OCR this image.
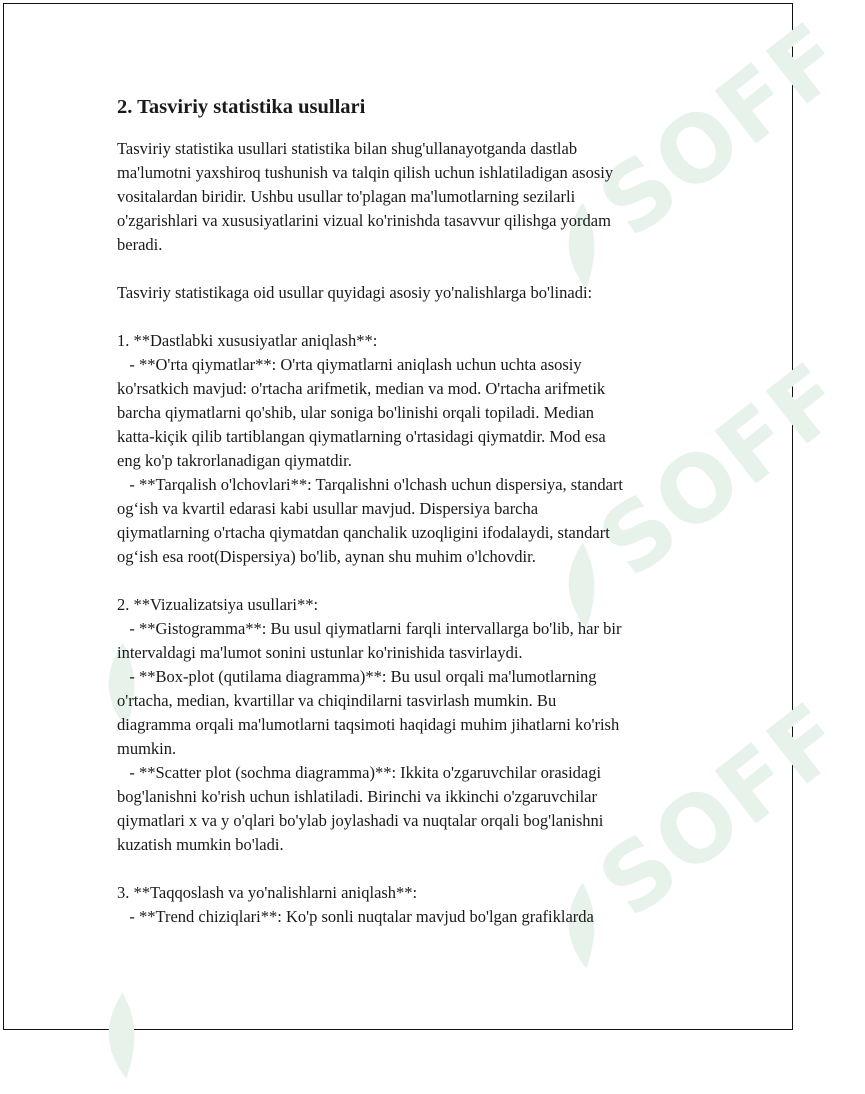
SOFF
SOFF
SOFF
2. Tasviriy statistika usullari
Tasviriy statistika usullari statistika bilan shug'ullanayotganda dastlab
ma'lumotni yaxshiroq tushunish va talqin qilish uchun ishlatiladigan asosiy
vositalardan biridir. Ushbu usullar to'plagan ma'lumotlarning sezilarli
o'zgarishlari va xususiyatlarini vizual ko'rinishda tasavvur qilishga yordam
beradi.
Tasviriy statistikaga oid usullar quyidagi asosiy yo'nalishlarga bo'linadi:
1. **Dastlabki xususiyatlar aniqlash**:
- **O'rta qiymatlar**: O'rta qiymatlarni aniqlash uchun uchta asosiy
ko'rsatkich mavjud: o'rtacha arifmetik, median va mod. O'rtacha arifmetik
barcha qiymatlarni qo'shib, ular soniga bo'linishi orqali topiladi. Median
katta-kiçik qilib tartiblangan qiymatlarning o'rtasidagi qiymatdir. Mod esa
eng ko'p takrorlanadigan qiymatdir.
- **Tarqalish o'lchovlari**: Tarqalishni o'lchash uchun dispersiya, standart
og‘ish va kvartil edarasi kabi usullar mavjud. Dispersiya barcha
qiymatlarning o'rtacha qiymatdan qanchalik uzoqligini ifodalaydi, standart
og‘ish esa root(Dispersiya) bo'lib, aynan shu muhim o'lchovdir.
2. **Vizualizatsiya usullari**:
- **Gistogramma**: Bu usul qiymatlarni farqli intervallarga bo'lib, har bir
intervaldagi ma'lumot sonini ustunlar ko'rinishida tasvirlaydi.
- **Box-plot (qutilama diagramma)**: Bu usul orqali ma'lumotlarning
o'rtacha, median, kvartillar va chiqindilarni tasvirlash mumkin. Bu
diagramma orqali ma'lumotlarni taqsimoti haqidagi muhim jihatlarni ko'rish
mumkin.
- **Scatter plot (sochma diagramma)**: Ikkita o'zgaruvchilar orasidagi
bog'lanishni ko'rish uchun ishlatiladi. Birinchi va ikkinchi o'zgaruvchilar
qiymatlari x va y o'qlari bo'ylab joylashadi va nuqtalar orqali bog'lanishni
kuzatish mumkin bo'ladi.
3. **Taqqoslash va yo'nalishlarni aniqlash**:
- **Trend chiziqlari**: Ko'p sonli nuqtalar mavjud bo'lgan grafiklarda
